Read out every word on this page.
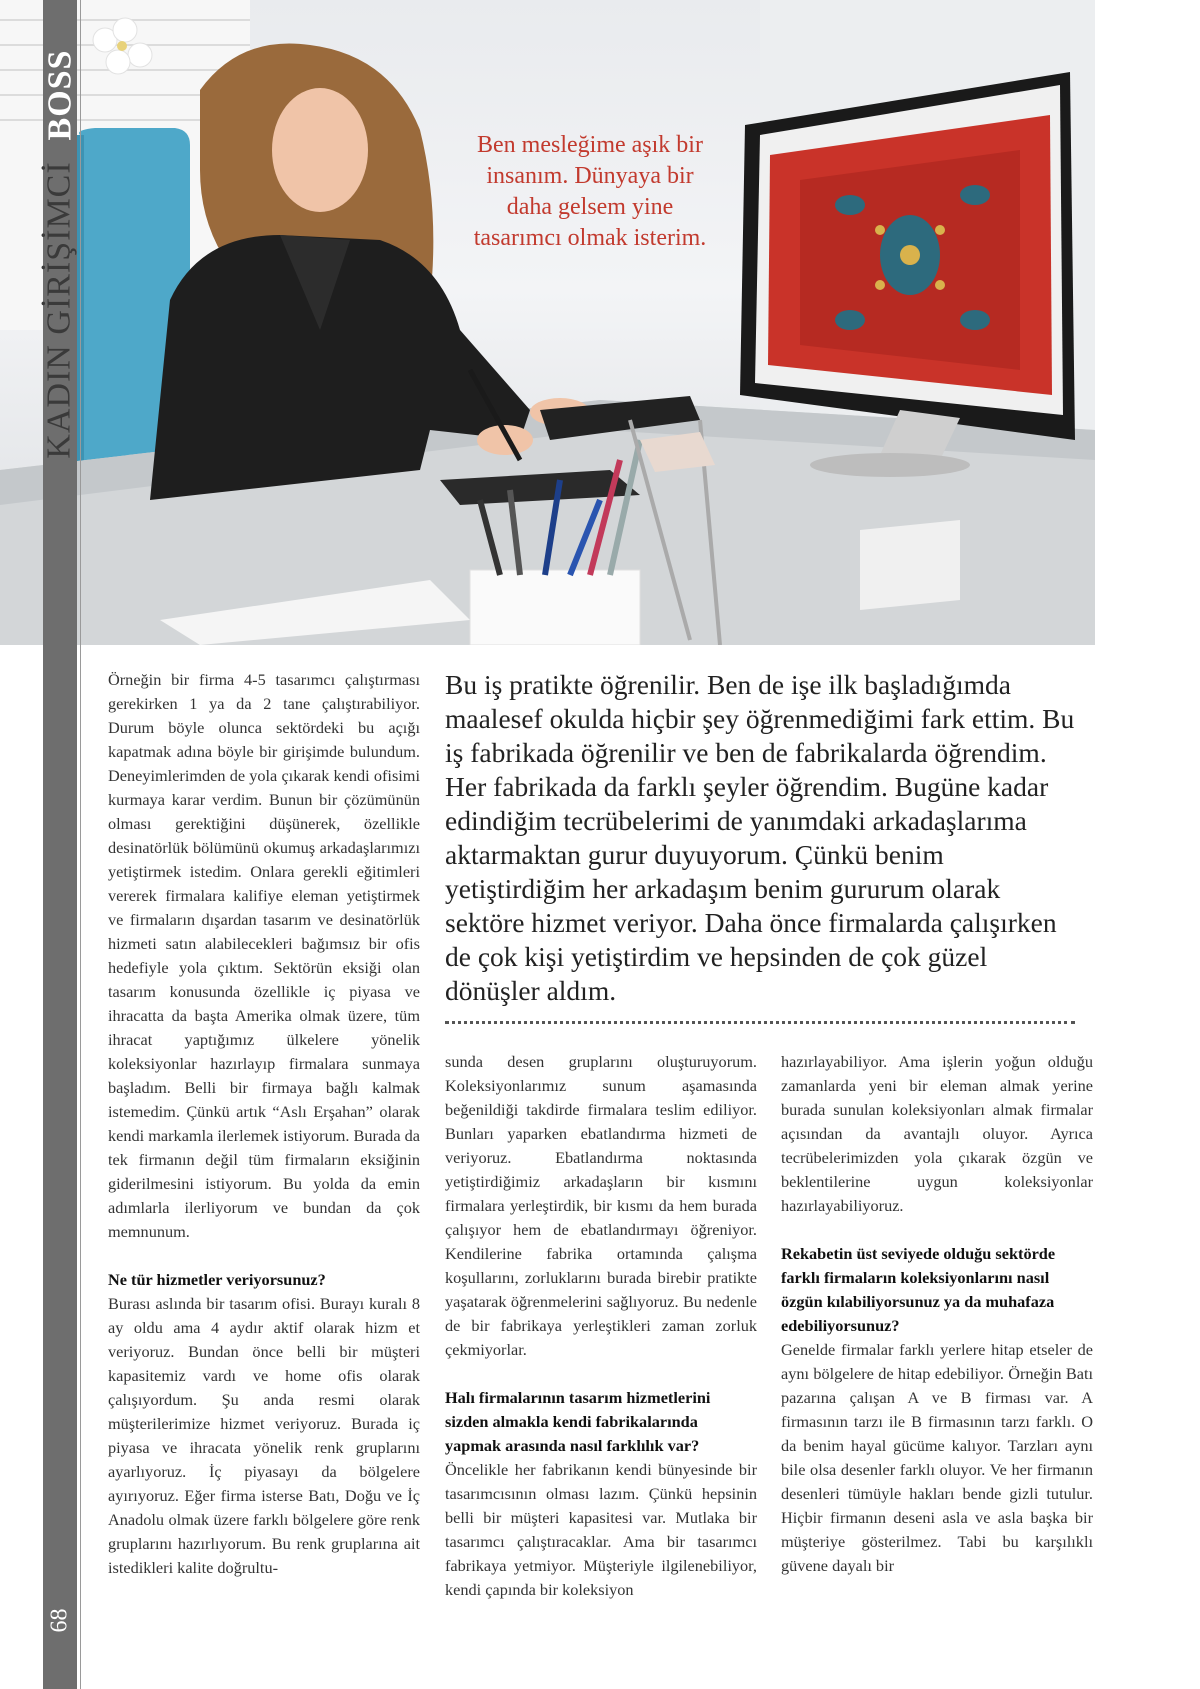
Ben mesleğime aşık bir insanım. Dünyaya bir daha gelsem yine tasarımcı olmak isterim.
BOSS
KADIN GİRİŞİMCİ
68

Örneğin bir firma 4-5 tasarımcı çalıştırması gerekirken 1 ya da 2 tane çalıştırabiliyor. Durum böyle olunca sektördeki bu açığı kapatmak adına böyle bir girişimde bulundum. Deneyimlerimden de yola çıkarak kendi ofisimi kurmaya karar verdim. Bunun bir çözümünün olması gerektiğini düşünerek, özellikle desinatörlük bölümünü okumuş arkadaşlarımızı yetiştirmek istedim. Onlara gerekli eğitimleri vererek firmalara kalifiye eleman yetiştirmek ve firmaların dışardan tasarım ve desinatörlük hizmeti satın alabilecekleri bağımsız bir ofis hedefiyle yola çıktım. Sektörün eksiği olan tasarım konusunda özellikle iç piyasa ve ihracatta da başta Amerika olmak üzere, tüm ihracat yaptığımız ülkelere yönelik koleksiyonlar hazırlayıp firmalara sunmaya başladım. Belli bir firmaya bağlı kalmak istemedim. Çünkü artık “Aslı Erşahan” olarak kendi markamla ilerlemek istiyorum. Burada da tek firmanın değil tüm firmaların eksiğinin giderilmesini istiyorum. Bu yolda da emin adımlarla ilerliyorum ve bundan da çok memnunum.

Ne tür hizmetler veriyorsunuz?

Burası aslında bir tasarım ofisi. Burayı kuralı 8 ay oldu ama 4 aydır aktif olarak hizm et veriyoruz. Bundan önce belli bir müşteri kapasitemiz vardı ve home ofis olarak çalışıyordum. Şu anda resmi olarak müşterilerimize hizmet veriyoruz. Burada iç piyasa ve ihracata yönelik renk gruplarını ayarlıyoruz. İç piyasayı da bölgelere ayırıyoruz. Eğer firma isterse Batı, Doğu ve İç Anadolu olmak üzere farklı bölgelere göre renk gruplarını hazırlıyorum. Bu renk gruplarına ait istedikleri kalite doğrultu-

Bu iş pratikte öğrenilir. Ben de işe ilk başladığımda maalesef okulda hiçbir şey öğrenmediğimi fark ettim. Bu iş fabrikada öğrenilir ve ben de fabrikalarda öğrendim. Her fabrikada da farklı şeyler öğrendim. Bugüne kadar edindiğim tecrübelerimi de yanımdaki arkadaşlarıma aktarmaktan gurur duyuyorum. Çünkü benim yetiştirdiğim her arkadaşım benim gururum olarak sektöre hizmet veriyor. Daha önce firmalarda çalışırken de çok kişi yetiştirdim ve hepsinden de çok güzel dönüşler aldım.

sunda desen gruplarını oluşturuyorum. Koleksiyonlarımız sunum aşamasında beğenildiği takdirde firmalara teslim ediliyor. Bunları yaparken ebatlandırma hizmeti de veriyoruz. Ebatlandırma noktasında yetiştirdiğimiz arkadaşların bir kısmını firmalara yerleştirdik, bir kısmı da hem burada çalışıyor hem de ebatlandırmayı öğreniyor. Kendilerine fabrika ortamında çalışma koşullarını, zorluklarını burada birebir pratikte yaşatarak öğrenmelerini sağlıyoruz. Bu nedenle de bir fabrikaya yerleştikleri zaman zorluk çekmiyorlar.

Halı firmalarının tasarım hizmetlerini sizden almakla kendi fabrikalarında yapmak arasında nasıl farklılık var?

Öncelikle her fabrikanın kendi bünyesinde bir tasarımcısının olması lazım. Çünkü hepsinin belli bir müşteri kapasitesi var. Mutlaka bir tasarımcı çalıştıracaklar. Ama bir tasarımcı fabrikaya yetmiyor. Müşteriyle ilgilenebiliyor, kendi çapında bir koleksiyon

hazırlayabiliyor. Ama işlerin yoğun olduğu zamanlarda yeni bir eleman almak yerine burada sunulan koleksiyonları almak firmalar açısından da avantajlı oluyor. Ayrıca tecrübelerimizden yola çıkarak özgün ve beklentilerine uygun koleksiyonlar hazırlayabiliyoruz.

Rekabetin üst seviyede olduğu sektörde farklı firmaların koleksiyonlarını nasıl özgün kılabiliyorsunuz ya da muhafaza edebiliyorsunuz?

Genelde firmalar farklı yerlere hitap etseler de aynı bölgelere de hitap edebiliyor. Örneğin Batı pazarına çalışan A ve B firması var. A firmasının tarzı ile B firmasının tarzı farklı. O da benim hayal gücüme kalıyor. Tarzları aynı bile olsa desenler farklı oluyor. Ve her firmanın desenleri tümüyle hakları bende gizli tutulur. Hiçbir firmanın deseni asla ve asla başka bir müşteriye gösterilmez. Tabi bu karşılıklı güvene dayalı bir
